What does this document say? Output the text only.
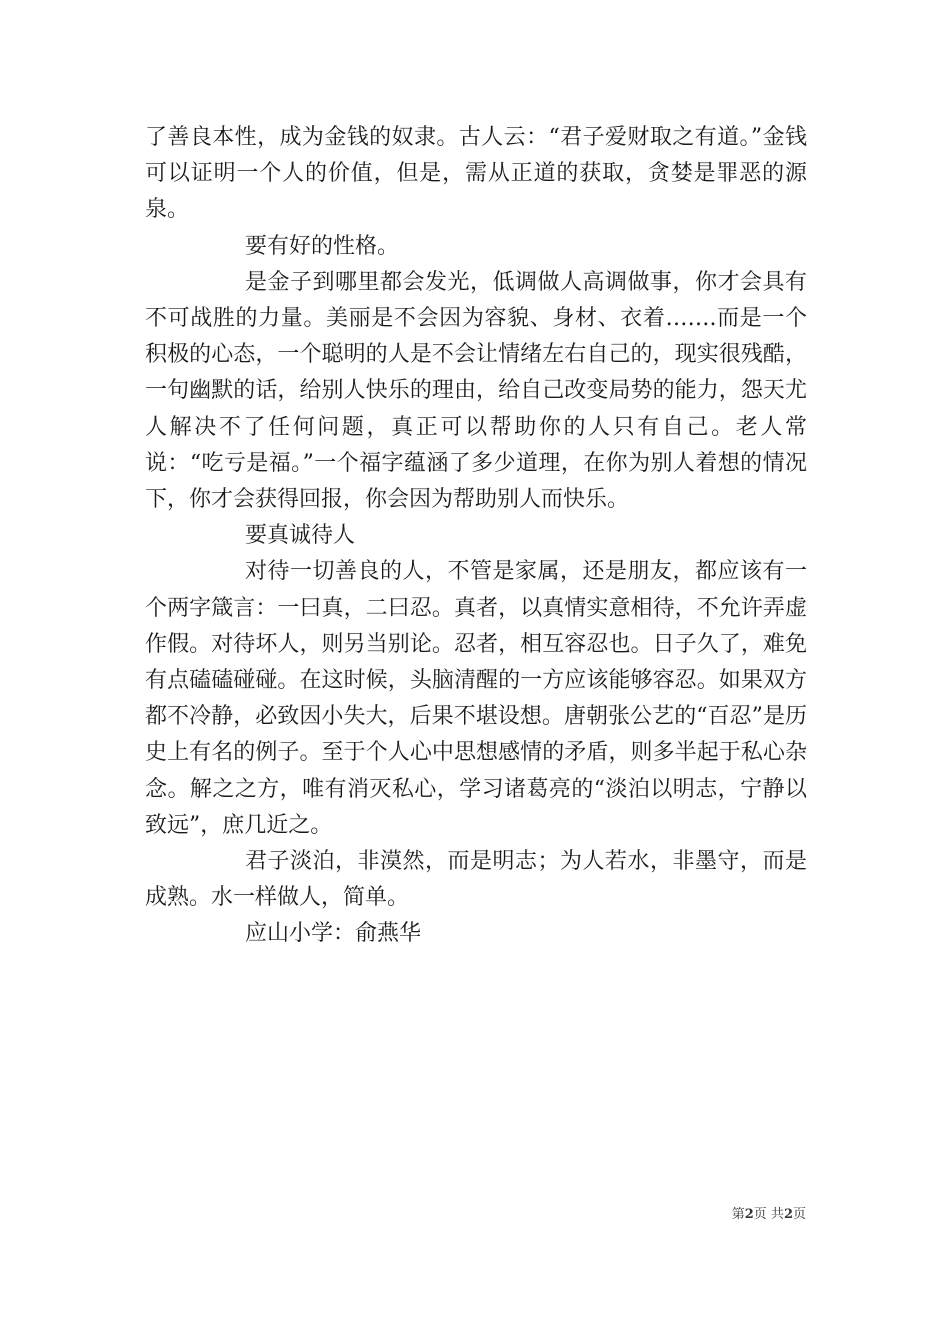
了善良本性，成为金钱的奴隶。古人云：“君子爱财取之有道。”金钱可以证明一个人的价值，但是，需从正道的获取，贪婪是罪恶的源泉。

要有好的性格。

是金子到哪里都会发光，低调做人高调做事，你才会具有不可战胜的力量。美丽是不会因为容貌、身材、衣着…….而是一个积极的心态，一个聪明的人是不会让情绪左右自己的，现实很残酷，一句幽默的话，给别人快乐的理由，给自己改变局势的能力，怨天尤人解决不了任何问题，真正可以帮助你的人只有自己。老人常说：“吃亏是福。”一个福字蕴涵了多少道理，在你为别人着想的情况下，你才会获得回报，你会因为帮助别人而快乐。

要真诚待人

对待一切善良的人，不管是家属，还是朋友，都应该有一个两字箴言：一曰真，二曰忍。真者，以真情实意相待，不允许弄虚作假。对待坏人，则另当别论。忍者，相互容忍也。日子久了，难免有点磕磕碰碰。在这时候，头脑清醒的一方应该能够容忍。如果双方都不冷静，必致因小失大，后果不堪设想。唐朝张公艺的“百忍”是历史上有名的例子。至于个人心中思想感情的矛盾，则多半起于私心杂念。解之之方，唯有消灭私心，学习诸葛亮的“淡泊以明志，宁静以致远”，庶几近之。

君子淡泊，非漠然，而是明志；为人若水，非墨守，而是成熟。水一样做人，简单。

应山小学：俞燕华

第2页 共2页
